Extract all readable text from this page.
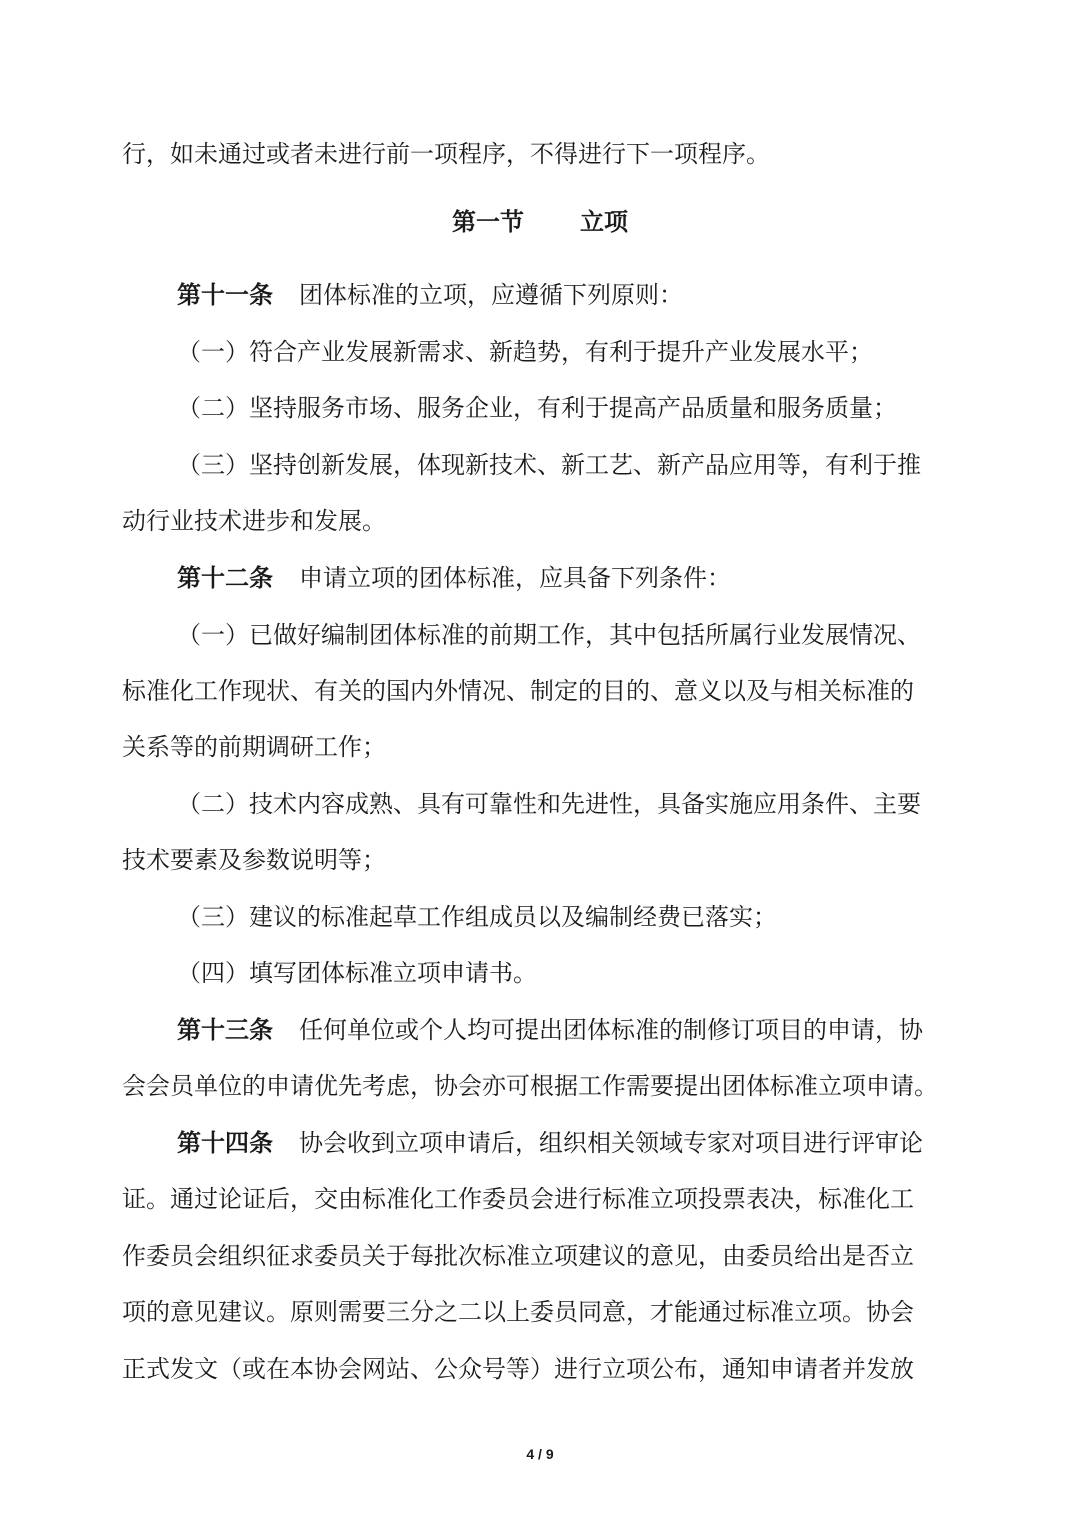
行，如未通过或者未进行前一项程序，不得进行下一项程序。
第一节 立项
第十一条 团体标准的立项，应遵循下列原则：
（一）符合产业发展新需求、新趋势，有利于提升产业发展水平；
（二）坚持服务市场、服务企业，有利于提高产品质量和服务质量；
（三）坚持创新发展，体现新技术、新工艺、新产品应用等，有利于推
动行业技术进步和发展。
第十二条 申请立项的团体标准，应具备下列条件：
（一）已做好编制团体标准的前期工作，其中包括所属行业发展情况、
标准化工作现状、有关的国内外情况、制定的目的、意义以及与相关标准的
关系等的前期调研工作；
（二）技术内容成熟、具有可靠性和先进性，具备实施应用条件、主要
技术要素及参数说明等；
（三）建议的标准起草工作组成员以及编制经费已落实；
（四）填写团体标准立项申请书。
第十三条 任何单位或个人均可提出团体标准的制修订项目的申请，协
会会员单位的申请优先考虑，协会亦可根据工作需要提出团体标准立项申请。
第十四条 协会收到立项申请后，组织相关领域专家对项目进行评审论
证。通过论证后，交由标准化工作委员会进行标准立项投票表决，标准化工
作委员会组织征求委员关于每批次标准立项建议的意见，由委员给出是否立
项的意见建议。原则需要三分之二以上委员同意，才能通过标准立项。协会
正式发文（或在本协会网站、公众号等）进行立项公布，通知申请者并发放
4 / 9
